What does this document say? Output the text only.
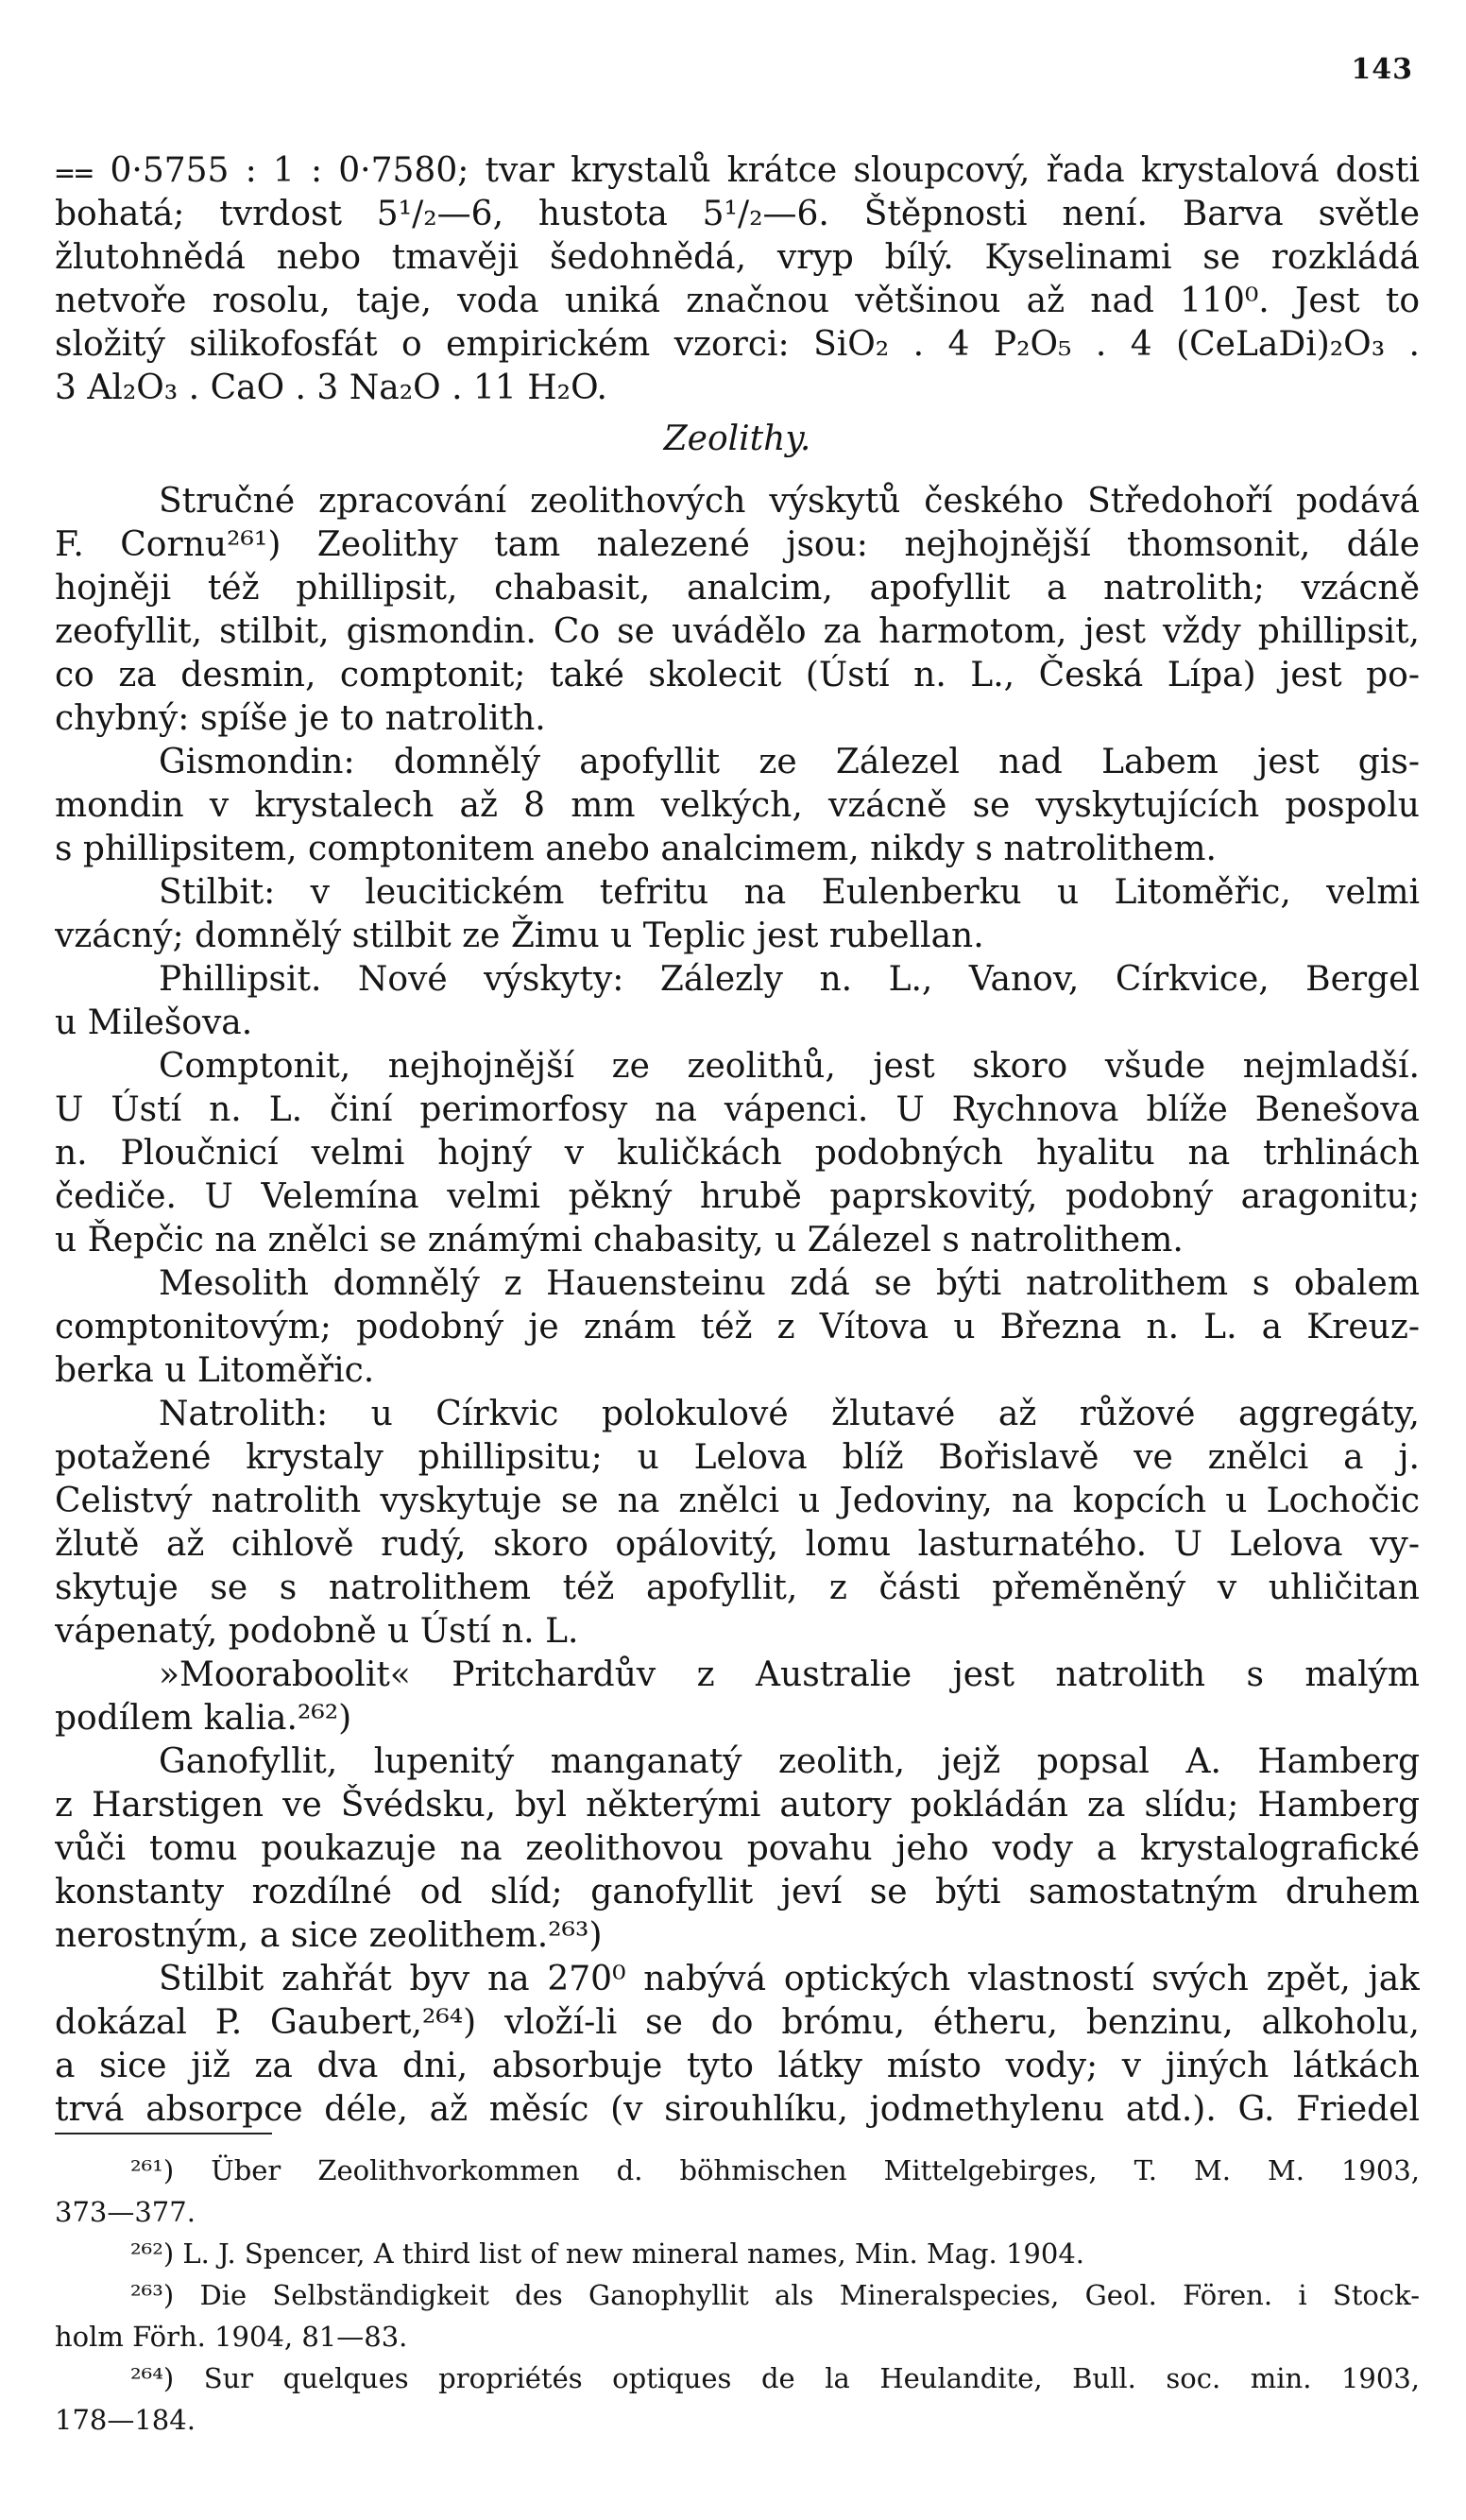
143
⩵ 0·5755 : 1 : 0·7580; tvar krystalů krátce sloupcový, řada krystalová dosti
bohatá; tvrdost 5¹/₂—6, hustota 5¹/₂—6. Štěpnosti není. Barva světle
žlutohnědá nebo tmavěji šedohnědá, vryp bílý. Kyselinami se rozkládá
netvoře rosolu, taje, voda uniká značnou většinou až nad 110⁰. Jest to
složitý silikofosfát o empirickém vzorci: SiO₂ . 4 P₂O₅ . 4 (CeLaDi)₂O₃ .
3 Al₂O₃ . CaO . 3 Na₂O . 11 H₂O.
Zeolithy.
Stručné zpracování zeolithových výskytů českého Středohoří podává
F. Cornu²⁶¹) Zeolithy tam nalezené jsou: nejhojnější thomsonit, dále
hojněji též phillipsit, chabasit, analcim, apofyllit a natrolith; vzácně
zeofyllit, stilbit, gismondin. Co se uvádělo za harmotom, jest vždy phillipsit,
co za desmin, comptonit; také skolecit (Ústí n. L., Česká Lípa) jest po-
chybný: spíše je to natrolith.
Gismondin: domnělý apofyllit ze Zálezel nad Labem jest gis-
mondin v krystalech až 8 mm velkých, vzácně se vyskytujících pospolu
s phillipsitem, comptonitem anebo analcimem, nikdy s natrolithem.
Stilbit: v leucitickém tefritu na Eulenberku u Litoměřic, velmi
vzácný; domnělý stilbit ze Žimu u Teplic jest rubellan.
Phillipsit. Nové výskyty: Zálezly n. L., Vanov, Církvice, Bergel
u Milešova.
Comptonit, nejhojnější ze zeolithů, jest skoro všude nejmladší.
U Ústí n. L. činí perimorfosy na vápenci. U Rychnova blíže Benešova
n. Ploučnicí velmi hojný v kuličkách podobných hyalitu na trhlinách
čediče. U Velemína velmi pěkný hrubě paprskovitý, podobný aragonitu;
u Řepčic na znělci se známými chabasity, u Zálezel s natrolithem.
Mesolith domnělý z Hauensteinu zdá se býti natrolithem s obalem
comptonitovým; podobný je znám též z Vítova u Března n. L. a Kreuz-
berka u Litoměřic.
Natrolith: u Církvic polokulové žlutavé až růžové aggregáty,
potažené krystaly phillipsitu; u Lelova blíž Bořislavě ve znělci a j.
Celistvý natrolith vyskytuje se na znělci u Jedoviny, na kopcích u Lochočic
žlutě až cihlově rudý, skoro opálovitý, lomu lasturnatého. U Lelova vy-
skytuje se s natrolithem též apofyllit, z části přeměněný v uhličitan
vápenatý, podobně u Ústí n. L.
»Mooraboolit« Pritchardův z Australie jest natrolith s malým
podílem kalia.²⁶²)
Ganofyllit, lupenitý manganatý zeolith, jejž popsal A. Hamberg
z Harstigen ve Švédsku, byl některými autory pokládán za slídu; Hamberg
vůči tomu poukazuje na zeolithovou povahu jeho vody a krystalografické
konstanty rozdílné od slíd; ganofyllit jeví se býti samostatným druhem
nerostným, a sice zeolithem.²⁶³)
Stilbit zahřát byv na 270⁰ nabývá optických vlastností svých zpět, jak
dokázal P. Gaubert,²⁶⁴) vloží-li se do brómu, étheru, benzinu, alkoholu,
a sice již za dva dni, absorbuje tyto látky místo vody; v jiných látkách
trvá absorpce déle, až měsíc (v sirouhlíku, jodmethylenu atd.). G. Friedel
²⁶¹) Über Zeolithvorkommen d. böhmischen Mittelgebirges, T. M. M. 1903,
373—377.
²⁶²) L. J. Spencer, A third list of new mineral names, Min. Mag. 1904.
²⁶³) Die Selbständigkeit des Ganophyllit als Mineralspecies, Geol. Fören. i Stock-
holm Förh. 1904, 81—83.
²⁶⁴) Sur quelques propriétés optiques de la Heulandite, Bull. soc. min. 1903,
178—184.
